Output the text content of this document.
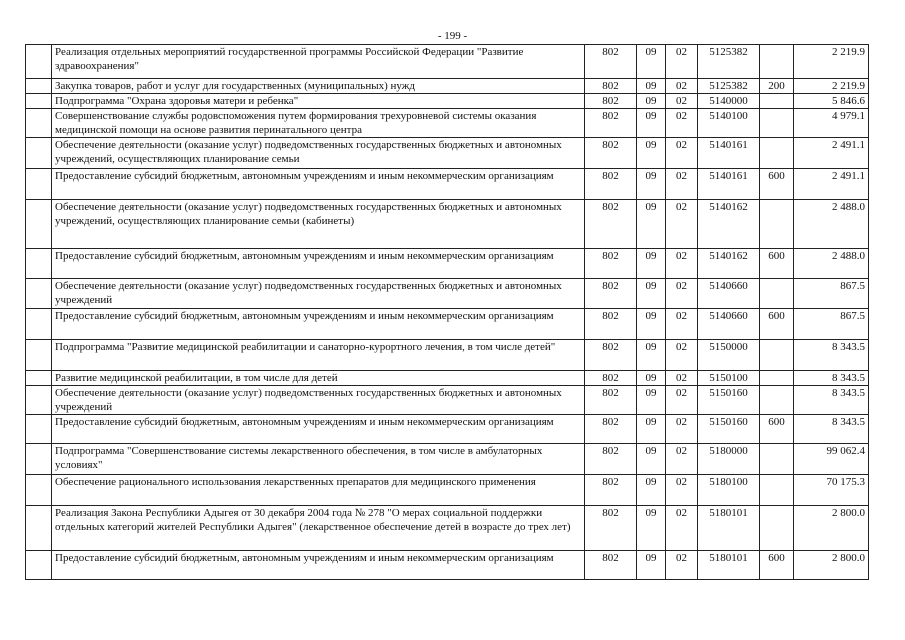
- 199 -
	Реализация отдельных мероприятий государственной программы Российской Федерации "Развитие здравоохранения"	802	09	02	5125382		2 219.9
	Закупка товаров, работ и услуг для государственных (муниципальных) нужд	802	09	02	5125382	200	2 219.9
	Подпрограмма "Охрана здоровья матери и ребенка"	802	09	02	5140000		5 846.6
	Совершенствование службы родовспоможения путем формирования трехуровневой системы оказания медицинской помощи на основе развития перинатального центра	802	09	02	5140100		4 979.1
	Обеспечение деятельности (оказание услуг) подведомственных государственных бюджетных и автономных учреждений, осуществляющих планирование семьи	802	09	02	5140161		2 491.1
	Предоставление субсидий бюджетным, автономным учреждениям и иным некоммерческим организациям	802	09	02	5140161	600	2 491.1
	Обеспечение деятельности (оказание услуг) подведомственных государственных бюджетных и автономных учреждений, осуществляющих планирование семьи (кабинеты)	802	09	02	5140162		2 488.0
	Предоставление субсидий бюджетным, автономным учреждениям и иным некоммерческим организациям	802	09	02	5140162	600	2 488.0
	Обеспечение деятельности (оказание услуг) подведомственных государственных бюджетных и автономных учреждений	802	09	02	5140660		867.5
	Предоставление субсидий бюджетным, автономным учреждениям и иным некоммерческим организациям	802	09	02	5140660	600	867.5
	Подпрограмма "Развитие медицинской реабилитации и санаторно-курортного лечения, в том числе детей"	802	09	02	5150000		8 343.5
	Развитие медицинской реабилитации, в том числе для детей	802	09	02	5150100		8 343.5
	Обеспечение деятельности (оказание услуг) подведомственных государственных бюджетных и автономных учреждений	802	09	02	5150160		8 343.5
	Предоставление субсидий бюджетным, автономным учреждениям и иным некоммерческим организациям	802	09	02	5150160	600	8 343.5
	Подпрограмма "Совершенствование системы лекарственного обеспечения, в том числе в амбулаторных условиях"	802	09	02	5180000		99 062.4
	Обеспечение рационального использования лекарственных препаратов для медицинского применения	802	09	02	5180100		70 175.3
	Реализация Закона Республики Адыгея от 30 декабря 2004 года № 278 "О мерах социальной поддержки отдельных категорий жителей Республики Адыгея" (лекарственное обеспечение детей в возрасте до трех лет)	802	09	02	5180101		2 800.0
	Предоставление субсидий бюджетным, автономным учреждениям и иным некоммерческим организациям	802	09	02	5180101	600	2 800.0
